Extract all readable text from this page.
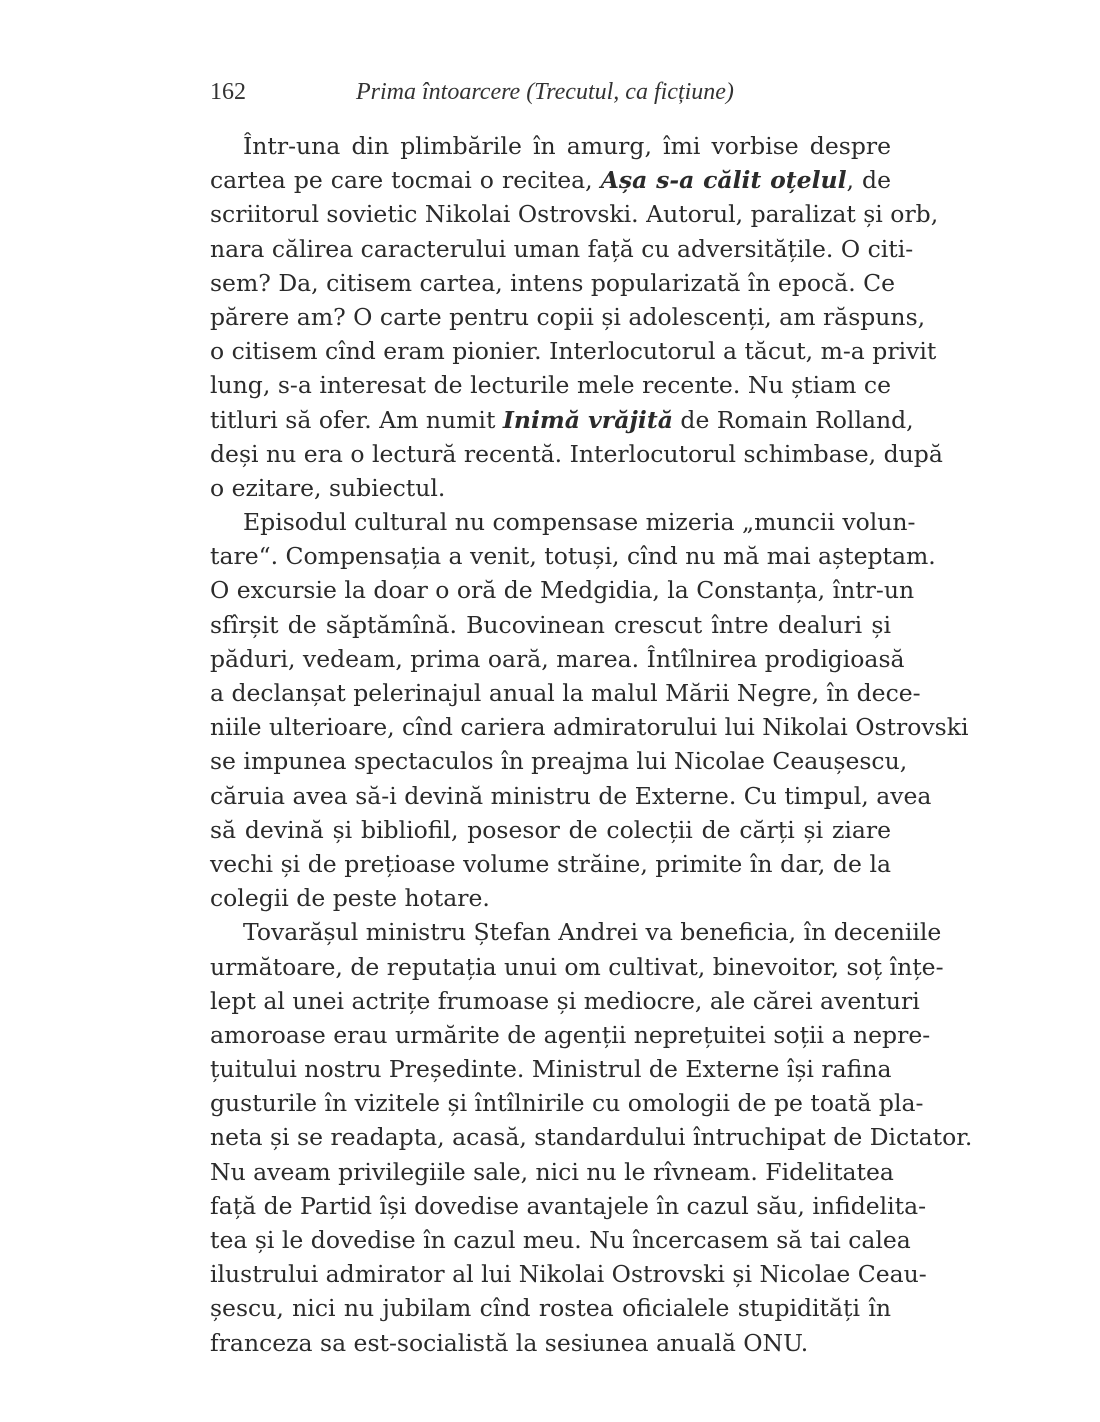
162	Prima întoarcere (Trecutul, ca ficțiune)
Într-una din plimbările în amurg, îmi vorbise despre
cartea pe care tocmai o recitea, Așa s-a călit oțelul, de
scriitorul sovietic Nikolai Ostrovski. Autorul, paralizat și orb,
nara călirea caracterului uman față cu adversitățile. O citi-
sem? Da, citisem cartea, intens popularizată în epocă. Ce
părere am? O carte pentru copii și adolescenți, am răspuns,
o citisem cînd eram pionier. Interlocutorul a tăcut, m-a privit
lung, s-a interesat de lecturile mele recente. Nu știam ce
titluri să ofer. Am numit Inimă vrăjită de Romain Rolland,
deși nu era o lectură recentă. Interlocutorul schimbase, după
o ezitare, subiectul.
Episodul cultural nu compensase mizeria „muncii volun-
tare“. Compensația a venit, totuși, cînd nu mă mai așteptam.
O excursie la doar o oră de Medgidia, la Constanța, într-un
sfîrșit de săptămînă. Bucovinean crescut între dealuri și
păduri, vedeam, prima oară, marea. Întîlnirea prodigioasă
a declanșat pelerinajul anual la malul Mării Negre, în dece-
niile ulterioare, cînd cariera admiratorului lui Nikolai Ostrovski
se impunea spectaculos în preajma lui Nicolae Ceaușescu,
căruia avea să-i devină ministru de Externe. Cu timpul, avea
să devină și bibliofil, posesor de colecții de cărți și ziare
vechi și de prețioase volume străine, primite în dar, de la
colegii de peste hotare.
Tovarășul ministru Ștefan Andrei va beneficia, în deceniile
următoare, de reputația unui om cultivat, binevoitor, soț înțe-
lept al unei actrițe frumoase și mediocre, ale cărei aventuri
amoroase erau urmărite de agenții neprețuitei soții a nepre-
țuitului nostru Președinte. Ministrul de Externe își rafina
gusturile în vizitele și întîlnirile cu omologii de pe toată pla-
neta și se readapta, acasă, standardului întruchipat de Dictator.
Nu aveam privilegiile sale, nici nu le rîvneam. Fidelitatea
față de Partid își dovedise avantajele în cazul său, infidelita-
tea și le dovedise în cazul meu. Nu încercasem să tai calea
ilustrului admirator al lui Nikolai Ostrovski și Nicolae Ceau-
șescu, nici nu jubilam cînd rostea oficialele stupidități în
franceza sa est-socialistă la sesiunea anuală ONU.
